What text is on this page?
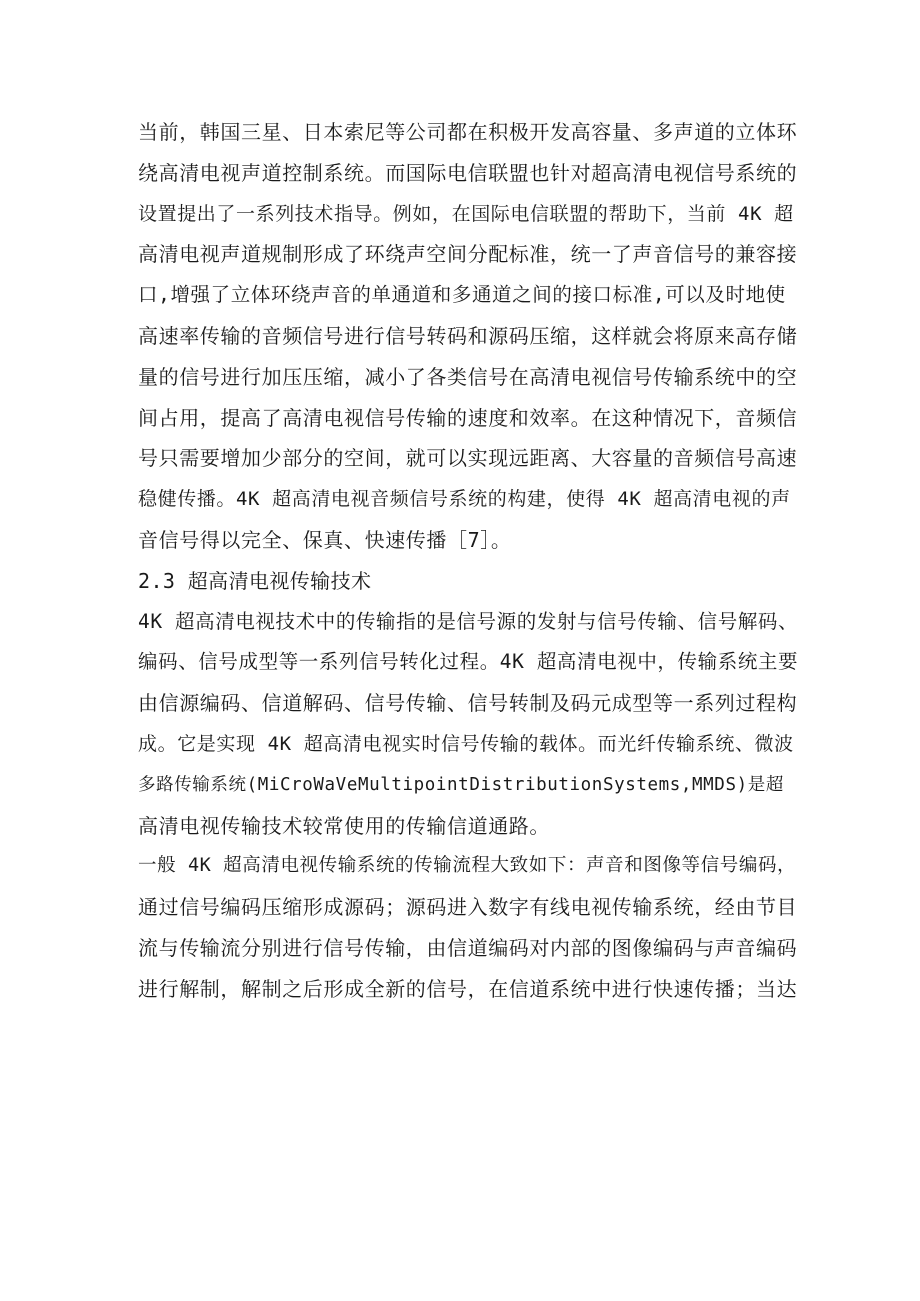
当前，韩国三星、日本索尼等公司都在积极开发高容量、多声道的立体环
绕高清电视声道控制系统。而国际电信联盟也针对超高清电视信号系统的
设置提出了一系列技术指导。例如，在国际电信联盟的帮助下，当前 4K 超
高清电视声道规制形成了环绕声空间分配标准，统一了声音信号的兼容接
口,增强了立体环绕声音的单通道和多通道之间的接口标准,可以及时地使
高速率传输的音频信号进行信号转码和源码压缩，这样就会将原来高存储
量的信号进行加压压缩，减小了各类信号在高清电视信号传输系统中的空
间占用，提高了高清电视信号传输的速度和效率。在这种情况下，音频信
号只需要增加少部分的空间，就可以实现远距离、大容量的音频信号高速
稳健传播。4K 超高清电视音频信号系统的构建，使得 4K 超高清电视的声
音信号得以完全、保真、快速传播［7］。
2.3 超高清电视传输技术
4K 超高清电视技术中的传输指的是信号源的发射与信号传输、信号解码、
编码、信号成型等一系列信号转化过程。4K 超高清电视中，传输系统主要
由信源编码、信道解码、信号传输、信号转制及码元成型等一系列过程构
成。它是实现 4K 超高清电视实时信号传输的载体。而光纤传输系统、微波
多路传输系统(MiCroWaVeMultipointDistributionSystems,MMDS)是超
高清电视传输技术较常使用的传输信道通路。
一般 4K 超高清电视传输系统的传输流程大致如下：声音和图像等信号编码，
通过信号编码压缩形成源码；源码进入数字有线电视传输系统，经由节目
流与传输流分别进行信号传输，由信道编码对内部的图像编码与声音编码
进行解制，解制之后形成全新的信号，在信道系统中进行快速传播；当达
